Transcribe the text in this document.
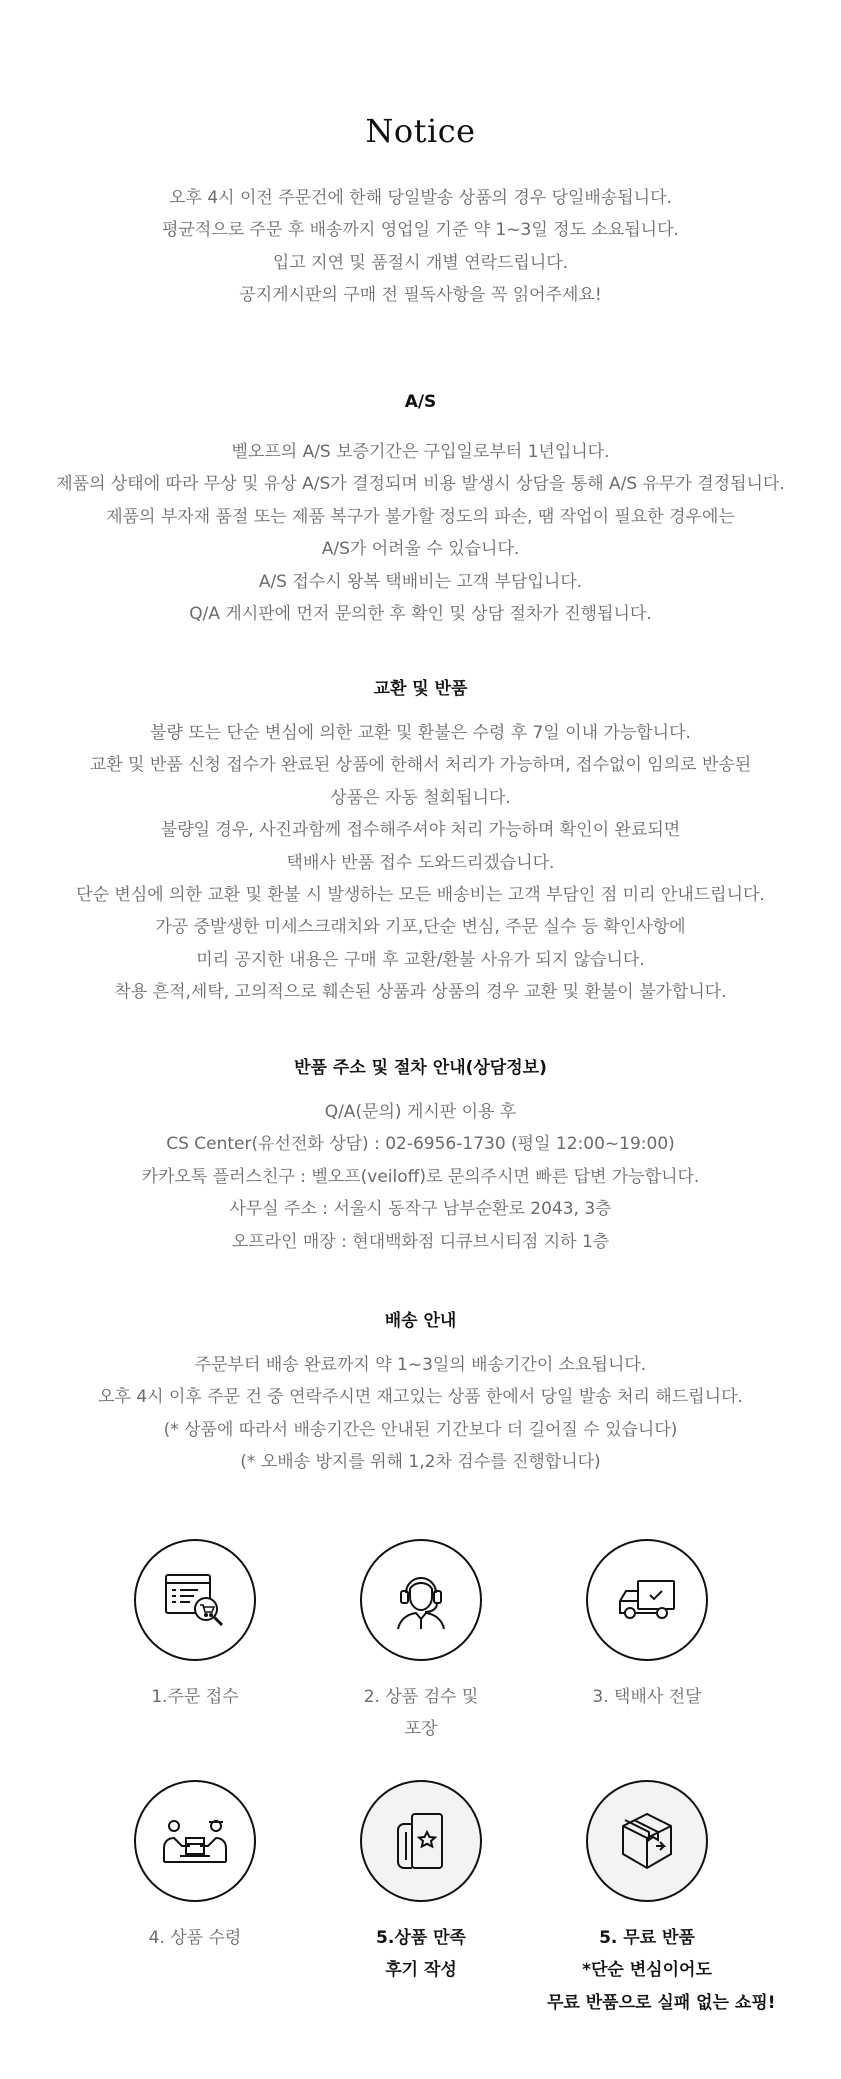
Notice
오후 4시 이전 주문건에 한해 당일발송 상품의 경우 당일배송됩니다.
평균적으로 주문 후 배송까지 영업일 기준 약 1~3일 정도 소요됩니다.
입고 지연 및 품절시 개별 연락드립니다.
공지게시판의 구매 전 필독사항을 꼭 읽어주세요!
A/S
벨오프의 A/S 보증기간은 구입일로부터 1년입니다.
제품의 상태에 따라 무상 및 유상 A/S가 결정되며 비용 발생시 상담을 통해 A/S 유무가 결정됩니다.
제품의 부자재 품절 또는 제품 복구가 불가할 정도의 파손, 땜 작업이 필요한 경우에는
A/S가 어려울 수 있습니다.
A/S 접수시 왕복 택배비는 고객 부담입니다.
Q/A 게시판에 먼저 문의한 후 확인 및 상담 절차가 진행됩니다.
교환 및 반품
불량 또는 단순 변심에 의한 교환 및 환불은 수령 후 7일 이내 가능합니다.
교환 및 반품 신청 접수가 완료된 상품에 한해서 처리가 가능하며, 접수없이 임의로 반송된
상품은 자동 철회됩니다.
불량일 경우, 사진과함께 접수해주셔야 처리 가능하며 확인이 완료되면
택배사 반품 접수 도와드리겠습니다.
단순 변심에 의한 교환 및 환불 시 발생하는 모든 배송비는 고객 부담인 점 미리 안내드립니다.
가공 중발생한 미세스크래치와 기포,단순 변심, 주문 실수 등 확인사항에
미리 공지한 내용은 구매 후 교환/환불 사유가 되지 않습니다.
착용 흔적,세탁, 고의적으로 훼손된 상품과 상품의 경우 교환 및 환불이 불가합니다.
반품 주소 및 절차 안내(상담정보)
Q/A(문의) 게시판 이용 후
CS Center(유선전화 상담) : 02-6956-1730 (평일 12:00~19:00)
카카오톡 플러스친구 : 벨오프(veiloff)로 문의주시면 빠른 답변 가능합니다.
사무실 주소 : 서울시 동작구 남부순환로 2043, 3층
오프라인 매장 : 현대백화점 디큐브시티점 지하 1층
배송 안내
주문부터 배송 완료까지 약 1~3일의 배송기간이 소요됩니다.
오후 4시 이후 주문 건 중 연락주시면 재고있는 상품 한에서 당일 발송 처리 해드립니다.
(* 상품에 따라서 배송기간은 안내된 기간보다 더 길어질 수 있습니다)
(* 오배송 방지를 위해 1,2차 검수를 진행합니다)
1.주문 접수	2. 상품 검수 및
포장
3. 택배사 전달
4. 상품 수령	5.상품 만족
후기 작성
5. 무료 반품
*단순 변심이어도
무료 반품으로 실패 없는 쇼핑!
